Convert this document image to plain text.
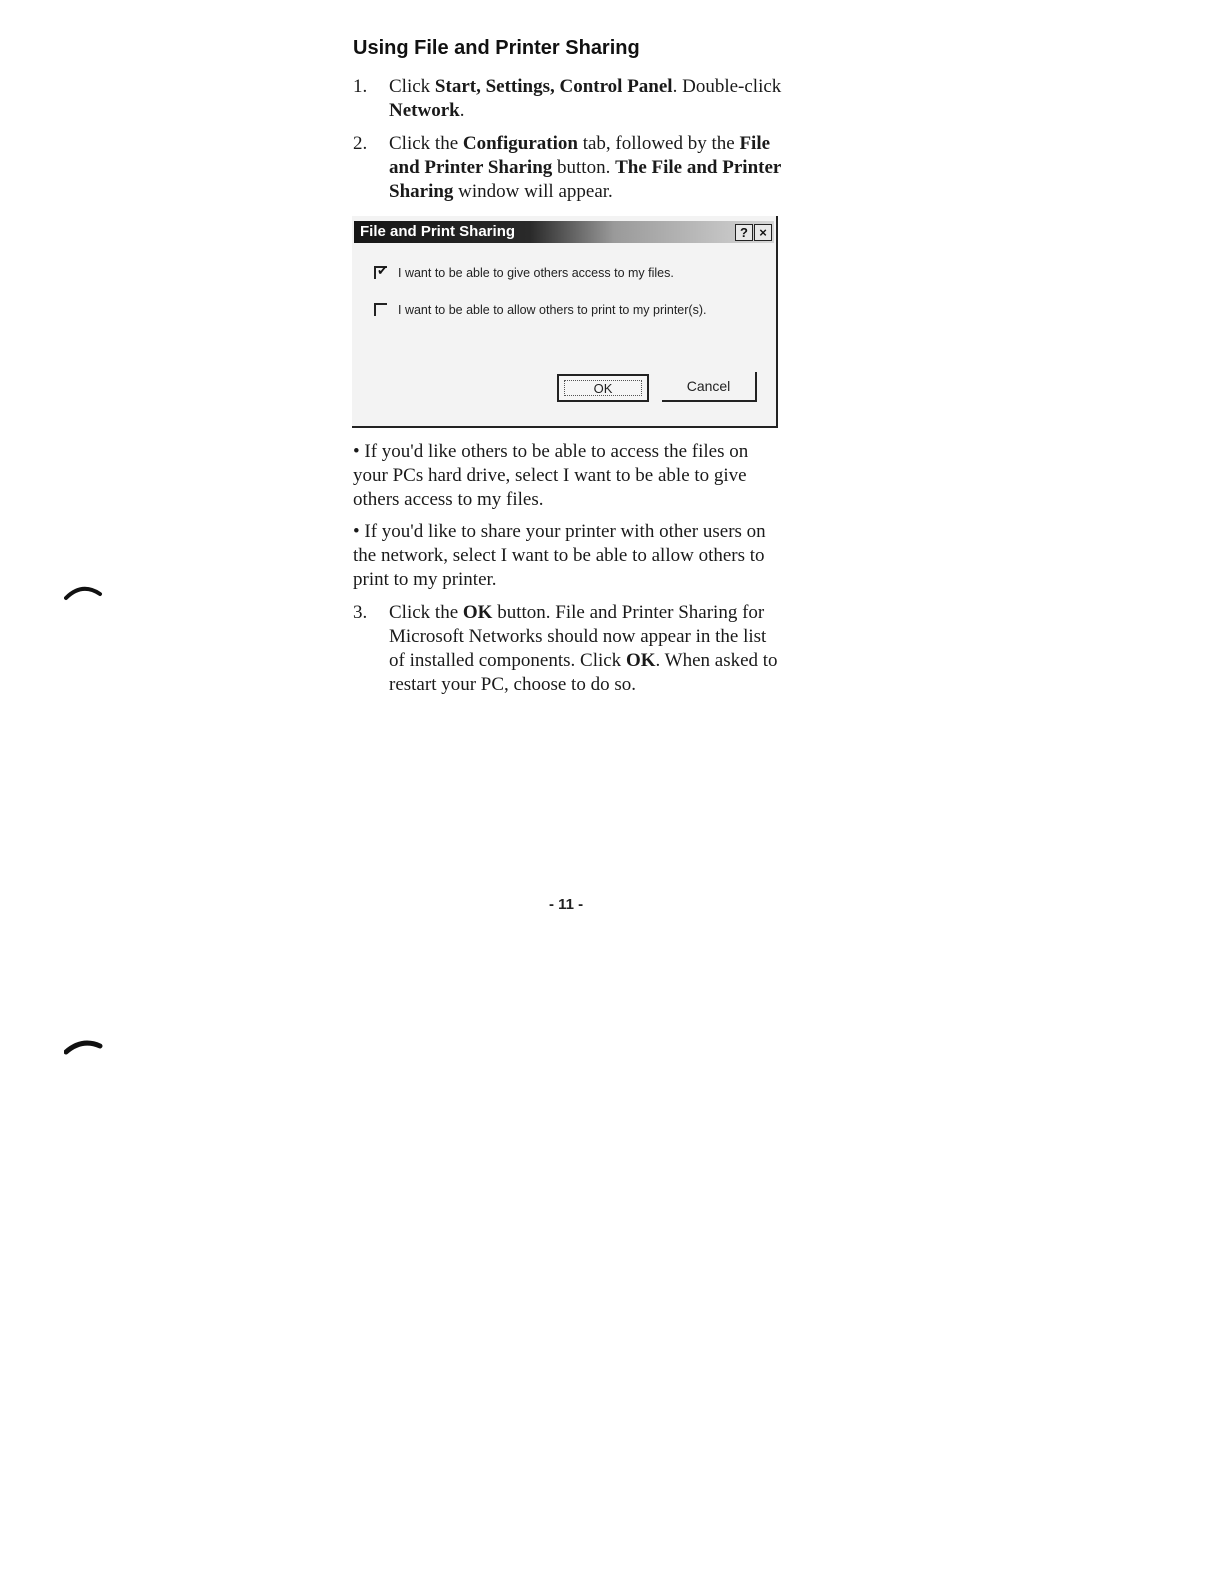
Using File and Printer Sharing
1. Click Start, Settings, Control Panel. Double-click Network.
2. Click the Configuration tab, followed by the File and Printer Sharing button. The File and Printer Sharing window will appear.
File and Print Sharing	? ×
✔ I want to be able to give others access to my files.
I want to be able to allow others to print to my printer(s).
OK	Cancel
• If you'd like others to be able to access the files on your PCs hard drive, select I want to be able to give others access to my files.
• If you'd like to share your printer with other users on the network, select I want to be able to allow others to print to my printer.
3. Click the OK button. File and Printer Sharing for Microsoft Networks should now appear in the list of installed components. Click OK. When asked to restart your PC, choose to do so.
- 11 -
